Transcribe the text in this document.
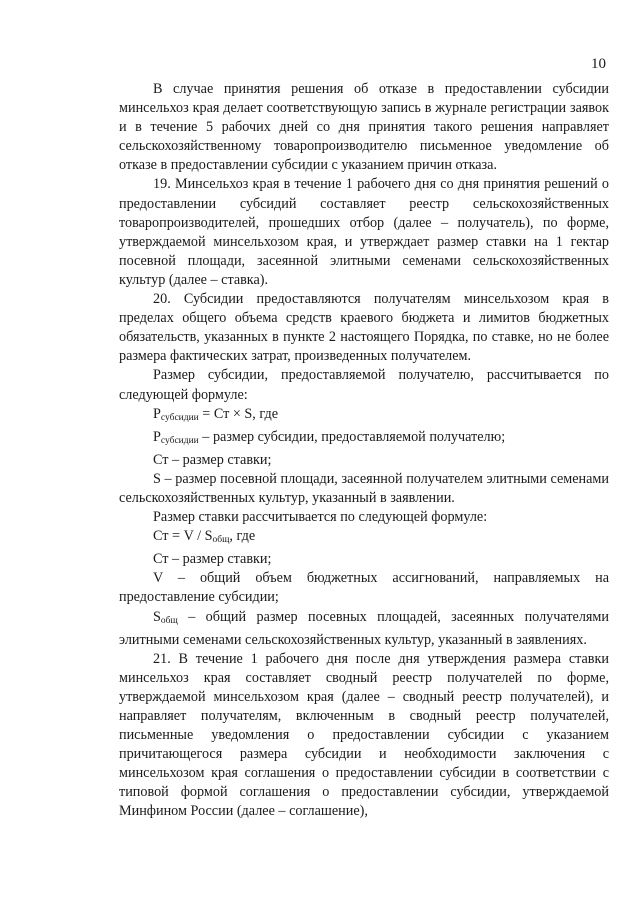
10

В случае принятия решения об отказе в предоставлении субсидии минсельхоз края делает соответствующую запись в журнале регистрации заявок и в течение 5 рабочих дней со дня принятия такого решения направляет сельскохозяйственному товаропроизводителю письменное уведомление об отказе в предоставлении субсидии с указанием причин отказа.

19. Минсельхоз края в течение 1 рабочего дня со дня принятия решений о предоставлении субсидий составляет реестр сельскохозяйственных товаропроизводителей, прошедших отбор (далее – получатель), по форме, утверждаемой минсельхозом края, и утверждает размер ставки на 1 гектар посевной площади, засеянной элитными семенами сельскохозяйственных культур (далее – ставка).

20. Субсидии предоставляются получателям минсельхозом края в пределах общего объема средств краевого бюджета и лимитов бюджетных обязательств, указанных в пункте 2 настоящего Порядка, по ставке, но не более размера фактических затрат, произведенных получателем.

Размер субсидии, предоставляемой получателю, рассчитывается по следующей формуле:

$Р_{субсидии}$ = Ст × S, где

$Р_{субсидии}$ – размер субсидии, предоставляемой получателю;

Ст – размер ставки;

S – размер посевной площади, засеянной получателем элитными семенами сельскохозяйственных культур, указанный в заявлении.

Размер ставки рассчитывается по следующей формуле:

Ст = V / $S_{общ}$, где

Ст – размер ставки;

V – общий объем бюджетных ассигнований, направляемых на предоставление субсидии;

$S_{общ}$ – общий размер посевных площадей, засеянных получателями элитными семенами сельскохозяйственных культур, указанный в заявлениях.

21. В течение 1 рабочего дня после дня утверждения размера ставки минсельхоз края составляет сводный реестр получателей по форме, утверждаемой минсельхозом края (далее – сводный реестр получателей), и направляет получателям, включенным в сводный реестр получателей, письменные уведомления о предоставлении субсидии с указанием причитающегося размера субсидии и необходимости заключения с минсельхозом края соглашения о предоставлении субсидии в соответствии с типовой формой соглашения о предоставлении субсидии, утверждаемой Минфином России (далее – соглашение),
